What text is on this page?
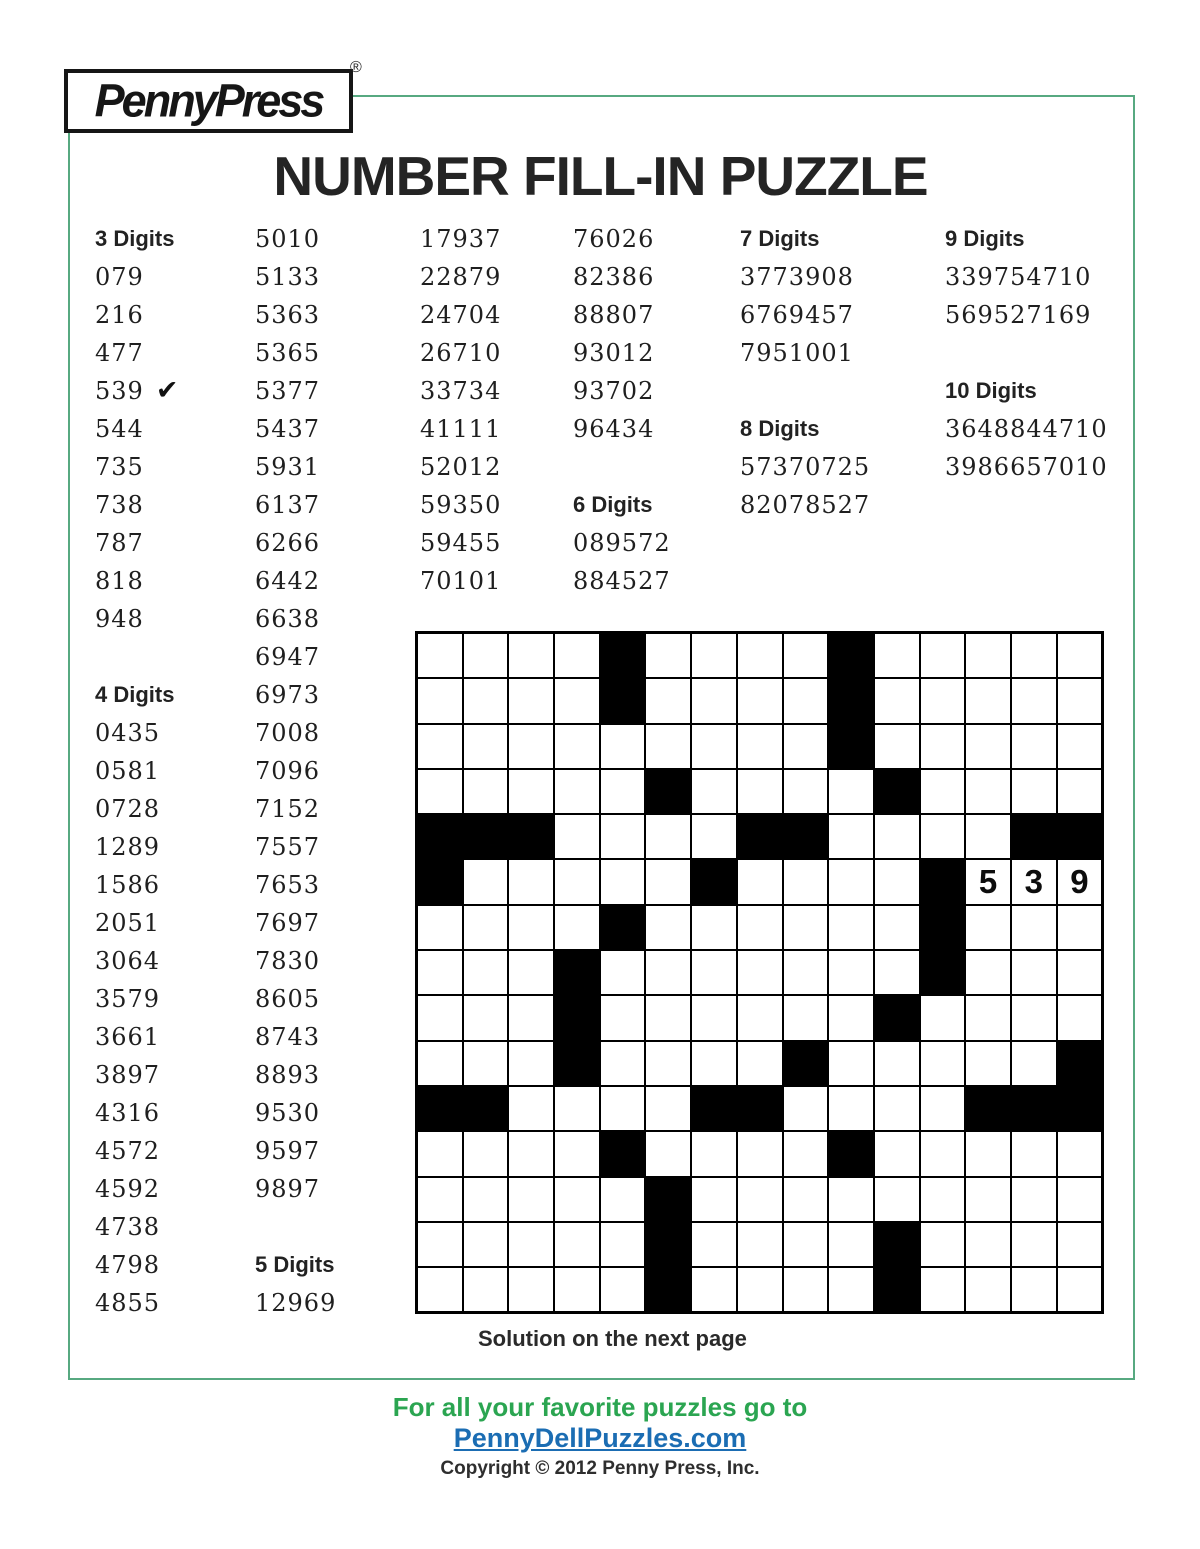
PennyPress
®
NUMBER FILL-IN PUZZLE
3 Digits
079
216
477
539 ✔
544
735
738
787
818
948
4 Digits
0435
0581
0728
1289
1586
2051
3064
3579
3661
3897
4316
4572
4592
4738
4798
4855
5010
5133
5363
5365
5377
5437
5931
6137
6266
6442
6638
6947
6973
7008
7096
7152
7557
7653
7697
7830
8605
8743
8893
9530
9597
9897
5 Digits
12969
17937
22879
24704
26710
33734
41111
52012
59350
59455
70101
76026
82386
88807
93012
93702
96434
6 Digits
089572
884527
7 Digits
3773908
6769457
7951001
8 Digits
57370725
82078527
9 Digits
339754710
569527169
10 Digits
3648844710
3986657010
5 3 9
Solution on the next page
For all your favorite puzzles go to
PennyDellPuzzles.com
Copyright © 2012 Penny Press, Inc.
